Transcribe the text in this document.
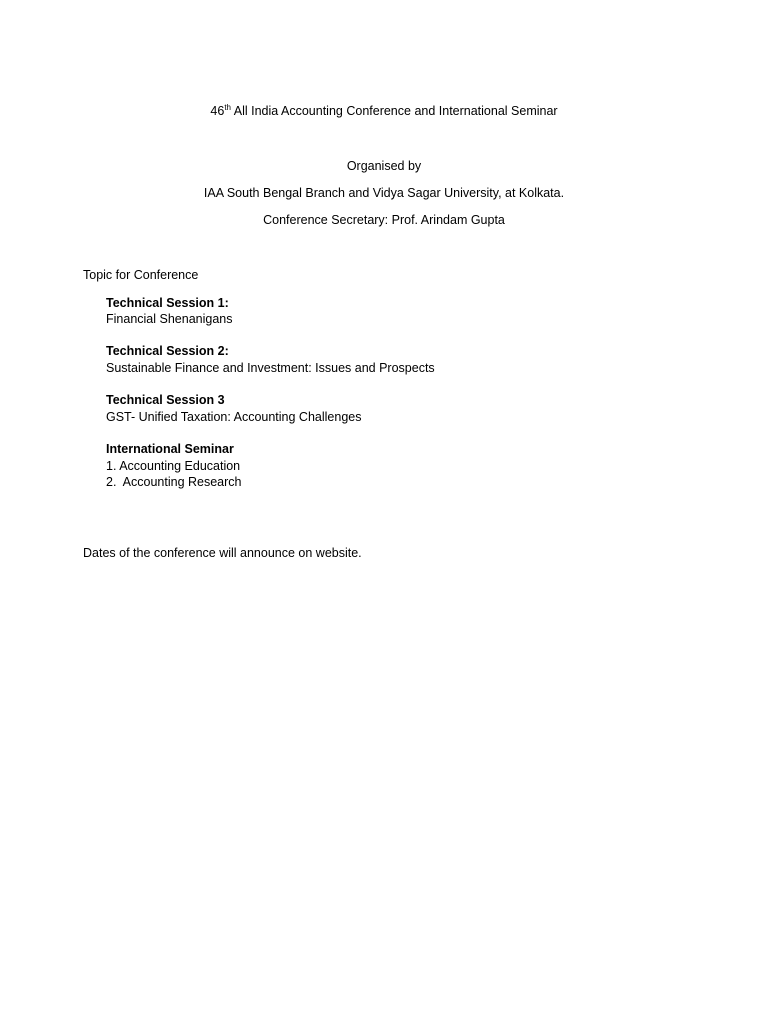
46th All India Accounting Conference and International Seminar
Organised by
IAA South Bengal Branch and Vidya Sagar University, at Kolkata.
Conference Secretary: Prof. Arindam Gupta
Topic for Conference
Technical Session 1:
Financial Shenanigans
Technical Session 2:
Sustainable Finance and Investment: Issues and Prospects
Technical Session 3
GST- Unified Taxation: Accounting Challenges
International Seminar
1. Accounting Education
2.  Accounting Research
Dates of the conference will announce on website.
